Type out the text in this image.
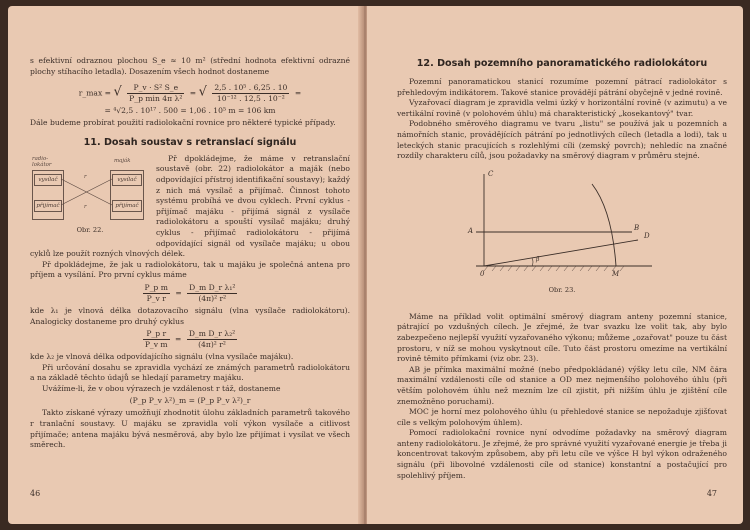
s efektivní odraznou plochou S_e ≈ 10 m² (střední hodnota efektivní odrazné plochy stíhacího letadla). Dosazením všech hodnot dostaneme

r_max = √ $\frac{\text{P\_v · S² S\_e}}{\text{P\_p min 4π λ²}}$ = √ $\frac{\text{2,5 . 10⁵ . 6,25 . 10}}{\text{10⁻¹² . 12,5 . 10⁻²}}$ =
= ⁴√2,5 . 10¹⁷ . 500 = 1,06 . 10⁵ m = 106 km

Dále budeme probírat použití radiolokační rovnice pro některé typické případy.

11. Dosah soustav s retranslací signálu
radio-lokátor
maják
vysílač
přijímač
vysílač
přijímač
r
r
Obr. 22.

Př dpokládejme, že máme v retranslační soustavě (obr. 22) radiolokátor a maják (nebo odpovídající přístroj identifikační soustavy); každý z nich má vysílač a přijímač. Činnost tohoto systému probíhá ve dvou cyklech. První cyklus - přijímač majáku - přijímá signál z vysílače radiolokátoru a spouští vysílač majáku; druhý cyklus - přijímač radiolokátoru - přijímá odpovídající signál od vysílače majáku; u obou cyklů lze použít rozných vlnových délek.

Př dpokládejme, že jak u radiolokátoru, tak u majáku je společná antena pro příjem a vysílání. Pro první cyklus máme

$\frac{\text{P\_p m}}{\text{P\_v r}} = \frac{\text{D\_m D\_r λ₁²}}{\text{(4π)² r²}}$

kde λ₁ je vlnová délka dotazovacího signálu (vlna vysílače radiolokátoru). Analogicky dostaneme pro druhý cyklus

$\frac{\text{P\_p r}}{\text{P\_v m}} = \frac{\text{D\_m D\_r λ₂²}}{\text{(4π)² r²}}$

kde λ₂ je vlnová délka odpovídajícího signálu (vlna vysílače majáku).

Při určování dosahu se zpravidla vychází ze známých parametrů radiolokátoru a na základě těchto údajů se hledají parametry majáku.

Uvážíme-li, že v obou výrazech je vzdálenost r táž, dostaneme

(P_p P_v λ²)_m = (P_p P_v λ²)_r

Takto získané výrazy umožňují zhodnotit úlohu základních parametrů takového r tranlační soustavy. U majáku se zpravidla volí výkon vysílače a citlivost přijímače; antena majáku bývá nesměrová, aby bylo lze přijímat i vysílat ve všech směrech.

46
12. Dosah pozemního panoramatického radiolokátoru

Pozemní panoramatickou stanicí rozumíme pozemní pátrací radiolokátor s přehledovým indikátorem. Takové stanice provádějí pátrání obyčejně v jedné rovině.

Vyzařovací diagram je zpravidla velmi úzký v horizontální rovině (v azimutu) a ve vertikální rovině (v polohovém úhlu) má charakteristický „kosekantový" tvar.

Podobného směrového diagramu ve tvaru „listu" se používá jak u pozemních a námořních stanic, provádějících pátrání po jednotlivých cílech (letadla a lodi), tak u leteckých stanic pracujících s rozlehlými cíli (zemský povrch); nehledíc na značné rozdíly charakteru cílů, jsou požadavky na směrový diagram v průměru stejné.

C
D
B
A
0	M
β
Obr. 23.

Máme na příklad volit optimální směrový diagram anteny pozemní stanice, pátrající po vzdušných cílech. Je zřejmé, že tvar svazku lze volit tak, aby bylo zabezpečeno nejlepší využití vyzařovaného výkonu; můžeme „ozařovat" pouze tu část prostoru, v níž se mohou vyskytnout cíle. Tuto část prostoru omezíme na vertikální rovině těmito přímkami (viz obr. 23).

AB je přímka maximální možné (nebo předpokládané) výšky letu cíle, NM čára maximální vzdálenosti cíle od stanice a OD mez nejmenšího polohového úhlu (při větším polohovém úhlu než mezním lze cíl zjistit, při nižším úhlu je zjištění cíle znemožněno poruchami).

MOC je horní mez polohového úhlu (u přehledové stanice se nepožaduje zjišťovat cíle s velkým polohovým úhlem).

Pomocí radiolokační rovnice nyní odvodíme požadavky na směrový diagram anteny radiolokátoru. Je zřejmé, že pro správné využití vyzařované energie je třeba ji koncentrovat takovým způsobem, aby při letu cíle ve výšce H byl výkon odraženého signálu (při libovolné vzdálenosti cíle od stanice) konstantní a postačující pro spolehlivý příjem.

47
